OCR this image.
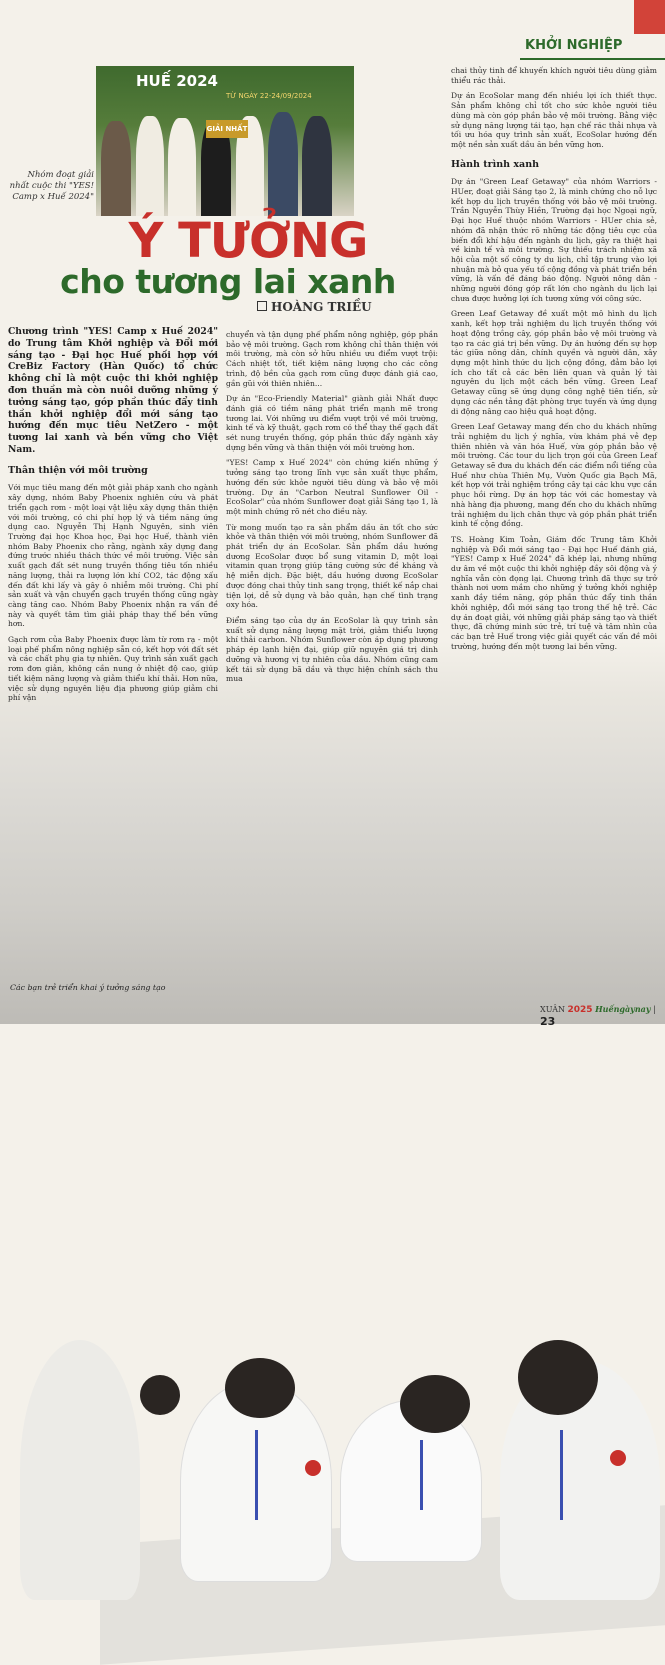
KHỞI NGHIỆP
HUẾ 2024
TỪ NGÀY 22-24/09/2024
GIẢI NHẤT
Nhóm đoạt giải nhất cuộc thi "YES! Camp x Huế 2024"
Ý TƯỞNG
cho tương lai xanh
HOÀNG TRIỀU

Chương trình "YES! Camp x Huế 2024" do Trung tâm Khởi nghiệp và Đổi mới sáng tạo - Đại học Huế phối hợp với CreBiz Factory (Hàn Quốc) tổ chức không chỉ là một cuộc thi khởi nghiệp đơn thuần mà còn nuôi dưỡng những ý tưởng sáng tạo, góp phần thúc đẩy tinh thần khởi nghiệp đổi mới sáng tạo hướng đến mục tiêu NetZero - một tương lai xanh và bền vững cho Việt Nam.

Thân thiện với môi trường

Với mục tiêu mang đến một giải pháp xanh cho ngành xây dựng, nhóm Baby Phoenix nghiên cứu và phát triển gạch rơm - một loại vật liệu xây dựng thân thiện với môi trường, có chi phí hợp lý và tiềm năng ứng dụng cao. Nguyễn Thị Hạnh Nguyên, sinh viên Trường đại học Khoa học, Đại học Huế, thành viên nhóm Baby Phoenix cho rằng, ngành xây dựng đang đứng trước nhiều thách thức về môi trường. Việc sản xuất gạch đất sét nung truyền thống tiêu tốn nhiều năng lượng, thải ra lượng lớn khí CO2, tác động xấu đến đất khi lấy và gây ô nhiễm môi trường. Chi phí sản xuất và vận chuyển gạch truyền thống cũng ngày càng tăng cao. Nhóm Baby Phoenix nhận ra vấn đề này và quyết tâm tìm giải pháp thay thế bền vững hơn.

Gạch rơm của Baby Phoenix được làm từ rơm rạ - một loại phế phẩm nông nghiệp sẵn có, kết hợp với đất sét và các chất phụ gia tự nhiên. Quy trình sản xuất gạch rơm đơn giản, không cần nung ở nhiệt độ cao, giúp tiết kiệm năng lượng và giảm thiểu khí thải. Hơn nữa, việc sử dụng nguyên liệu địa phương giúp giảm chi phí vận

chuyển và tận dụng phế phẩm nông nghiệp, góp phần bảo vệ môi trường. Gạch rơm không chỉ thân thiện với môi trường, mà còn sở hữu nhiều ưu điểm vượt trội: Cách nhiệt tốt, tiết kiệm năng lượng cho các công trình, độ bền của gạch rơm cũng được đánh giá cao, gần gũi với thiên nhiên...

Dự án "Eco-Friendly Material" giành giải Nhất được đánh giá có tiềm năng phát triển mạnh mẽ trong tương lai. Với những ưu điểm vượt trội về môi trường, kinh tế và kỹ thuật, gạch rơm có thể thay thế gạch đất sét nung truyền thống, góp phần thúc đẩy ngành xây dựng bền vững và thân thiện với môi trường hơn.

"YES! Camp x Huế 2024" còn chứng kiến những ý tưởng sáng tạo trong lĩnh vực sản xuất thực phẩm, hướng đến sức khỏe người tiêu dùng và bảo vệ môi trường. Dự án "Carbon Neutral Sunflower Oil - EcoSolar" của nhóm Sunflower đoạt giải Sáng tạo 1, là một minh chứng rõ nét cho điều này.

Từ mong muốn tạo ra sản phẩm dầu ăn tốt cho sức khỏe và thân thiện với môi trường, nhóm Sunflower đã phát triển dự án EcoSolar. Sản phẩm dầu hướng dương EcoSolar được bổ sung vitamin D, một loại vitamin quan trọng giúp tăng cường sức đề kháng và hệ miễn dịch. Đặc biệt, dầu hướng dương EcoSolar được đóng chai thủy tinh sang trọng, thiết kế nắp chai tiện lợi, dễ sử dụng và bảo quản, hạn chế tình trạng oxy hóa.

Điểm sáng tạo của dự án EcoSolar là quy trình sản xuất sử dụng năng lượng mặt trời, giảm thiểu lượng khí thải carbon. Nhóm Sunflower còn áp dụng phương pháp ép lạnh hiện đại, giúp giữ nguyên giá trị dinh dưỡng và hương vị tự nhiên của dầu. Nhóm cũng cam kết tái sử dụng bã dầu và thực hiện chính sách thu mua

chai thủy tinh để khuyến khích người tiêu dùng giảm thiểu rác thải.

Dự án EcoSolar mang đến nhiều lợi ích thiết thực. Sản phẩm không chỉ tốt cho sức khỏe người tiêu dùng mà còn góp phần bảo vệ môi trường. Bằng việc sử dụng năng lượng tái tạo, hạn chế rác thải nhựa và tối ưu hóa quy trình sản xuất, EcoSolar hướng đến một nền sản xuất dầu ăn bền vững hơn.

Hành trình xanh

Dự án "Green Leaf Getaway" của nhóm Warriors - HUer, đoạt giải Sáng tạo 2, là minh chứng cho nỗ lực kết hợp du lịch truyền thống với bảo vệ môi trường. Trần Nguyễn Thùy Hiền, Trường đại học Ngoại ngữ, Đại học Huế thuộc nhóm Warriors - HUer chia sẻ, nhóm đã nhận thức rõ những tác động tiêu cực của biến đổi khí hậu đến ngành du lịch, gây ra thiệt hại về kinh tế và môi trường. Sự thiếu trách nhiệm xã hội của một số công ty du lịch, chỉ tập trung vào lợi nhuận mà bỏ qua yếu tố cộng đồng và phát triển bền vững, là vấn đề đáng báo động. Người nông dân - những người đóng góp rất lớn cho ngành du lịch lại chưa được hưởng lợi ích tương xứng với công sức.

Green Leaf Getaway đề xuất một mô hình du lịch xanh, kết hợp trải nghiệm du lịch truyền thống với hoạt động trồng cây, góp phần bảo vệ môi trường và tạo ra các giá trị bền vững. Dự án hướng đến sự hợp tác giữa nông dân, chính quyền và người dân, xây dựng một hình thức du lịch cộng đồng, đảm bảo lợi ích cho tất cả các bên liên quan và quản lý tài nguyên du lịch một cách bền vững. Green Leaf Getaway cũng sẽ ứng dụng công nghệ tiên tiến, sử dụng các nền tảng đặt phòng trực tuyến và ứng dụng di động nâng cao hiệu quả hoạt động.

Green Leaf Getaway mang đến cho du khách những trải nghiệm du lịch ý nghĩa, vừa khám phá vẻ đẹp thiên nhiên và văn hóa Huế, vừa góp phần bảo vệ môi trường. Các tour du lịch trọn gói của Green Leaf Getaway sẽ đưa du khách đến các điểm nổi tiếng của Huế như chùa Thiên Mụ, Vườn Quốc gia Bạch Mã, kết hợp với trải nghiệm trồng cây tại các khu vực cần phục hồi rừng. Dự án hợp tác với các homestay và nhà hàng địa phương, mang đến cho du khách những trải nghiệm du lịch chân thực và góp phần phát triển kinh tế cộng đồng.

TS. Hoàng Kim Toản, Giám đốc Trung tâm Khởi nghiệp và Đổi mới sáng tạo - Đại học Huế đánh giá, "YES! Camp x Huế 2024" đã khép lại, nhưng những dư âm về một cuộc thi khởi nghiệp đầy sôi động và ý nghĩa vẫn còn đọng lại. Chương trình đã thực sự trở thành nơi ươm mầm cho những ý tưởng khởi nghiệp xanh đầy tiềm năng, góp phần thúc đẩy tinh thần khởi nghiệp, đổi mới sáng tạo trong thế hệ trẻ. Các dự án đoạt giải, với những giải pháp sáng tạo và thiết thực, đã chứng minh sức trẻ, trí tuệ và tâm nhìn của các bạn trẻ Huế trong việc giải quyết các vấn đề môi trường, hướng đến một tương lai bền vững.

Các bạn trẻ triển khai ý tưởng sáng tạo
XUÂN 2025 Huếngàynay | 23
